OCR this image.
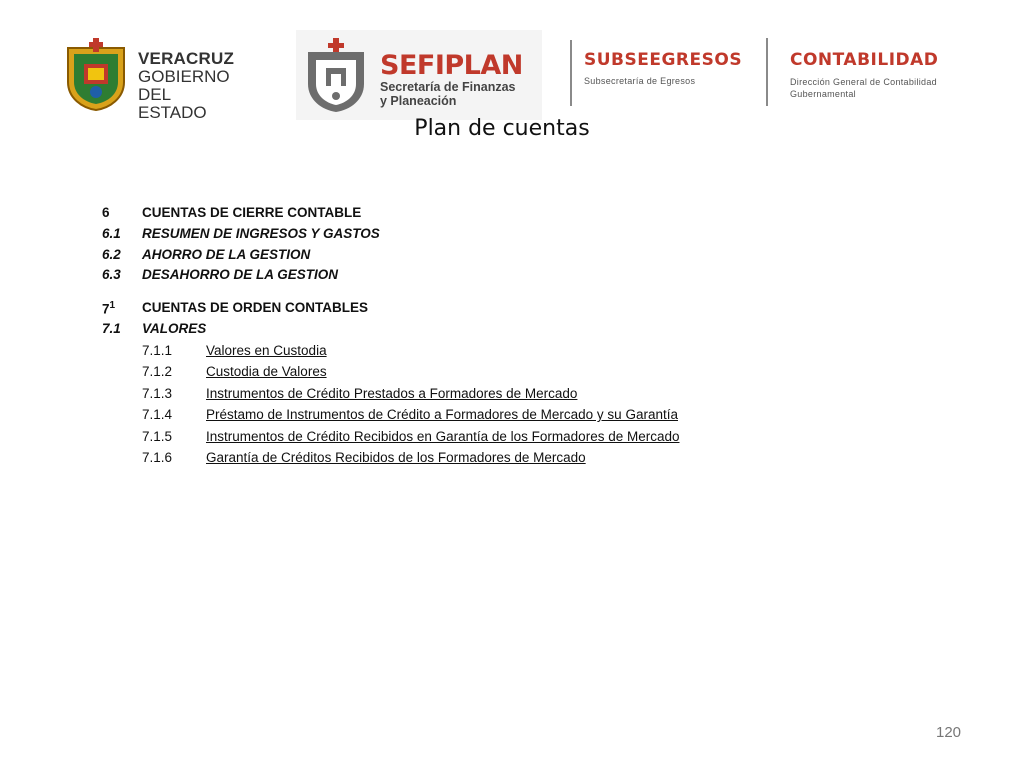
VERACRUZ
GOBIERNO
DEL ESTADO
SEFIPLAN
Secretaría de Finanzas
y Planeación
SUBSEEGRESOS
Subsecretaría de Egresos
CONTABILIDAD
Dirección General de Contabilidad
Gubernamental
Plan de cuentas
6 CUENTAS DE CIERRE CONTABLE
6.1 RESUMEN DE INGRESOS Y GASTOS
6.2 AHORRO DE LA GESTION
6.3 DESAHORRO DE LA GESTION
$7^1$ CUENTAS DE ORDEN CONTABLES
7.1 VALORES
7.1.1	Valores en Custodia
7.1.2	Custodia de Valores
7.1.3	Instrumentos de Crédito Prestados a Formadores de Mercado
7.1.4	Préstamo de Instrumentos de Crédito a Formadores de Mercado y su Garantía
7.1.5	Instrumentos de Crédito Recibidos en Garantía de los Formadores de Mercado
7.1.6	Garantía de Créditos Recibidos de los Formadores de Mercado
120
